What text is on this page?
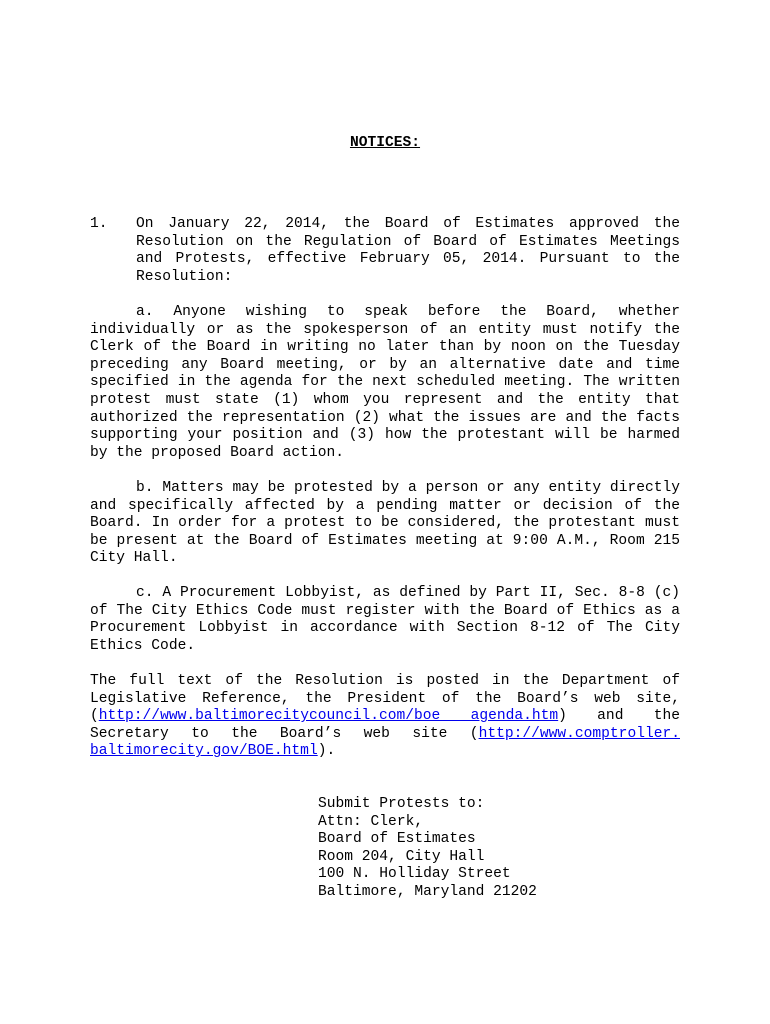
NOTICES:
1. On January 22, 2014, the Board of Estimates approved the Resolution on the Regulation of Board of Estimates Meetings and Protests, effective February 05, 2014. Pursuant to the Resolution:

a. Anyone wishing to speak before the Board, whether individually or as the spokesperson of an entity must notify the Clerk of the Board in writing no later than by noon on the Tuesday preceding any Board meeting, or by an alternative date and time specified in the agenda for the next scheduled meeting. The written protest must state (1) whom you represent and the entity that authorized the representation (2) what the issues are and the facts supporting your position and (3) how the protestant will be harmed by the proposed Board action.

b. Matters may be protested by a person or any entity directly and specifically affected by a pending matter or decision of the Board. In order for a protest to be considered, the protestant must be present at the Board of Estimates meeting at 9:00 A.M., Room 215 City Hall.

c. A Procurement Lobbyist, as defined by Part II, Sec. 8-8 (c) of The City Ethics Code must register with the Board of Ethics as a Procurement Lobbyist in accordance with Section 8-12 of The City Ethics Code.

The full text of the Resolution is posted in the Department of Legislative Reference, the President of the Board’s web site, (http://www.baltimorecitycouncil.com/boe agenda.htm) and the Secretary to the Board’s web site (http://www.comptroller. baltimorecity.gov/BOE.html).

Submit Protests to:
Attn: Clerk,
Board of Estimates
Room 204, City Hall
100 N. Holliday Street
Baltimore, Maryland 21202
